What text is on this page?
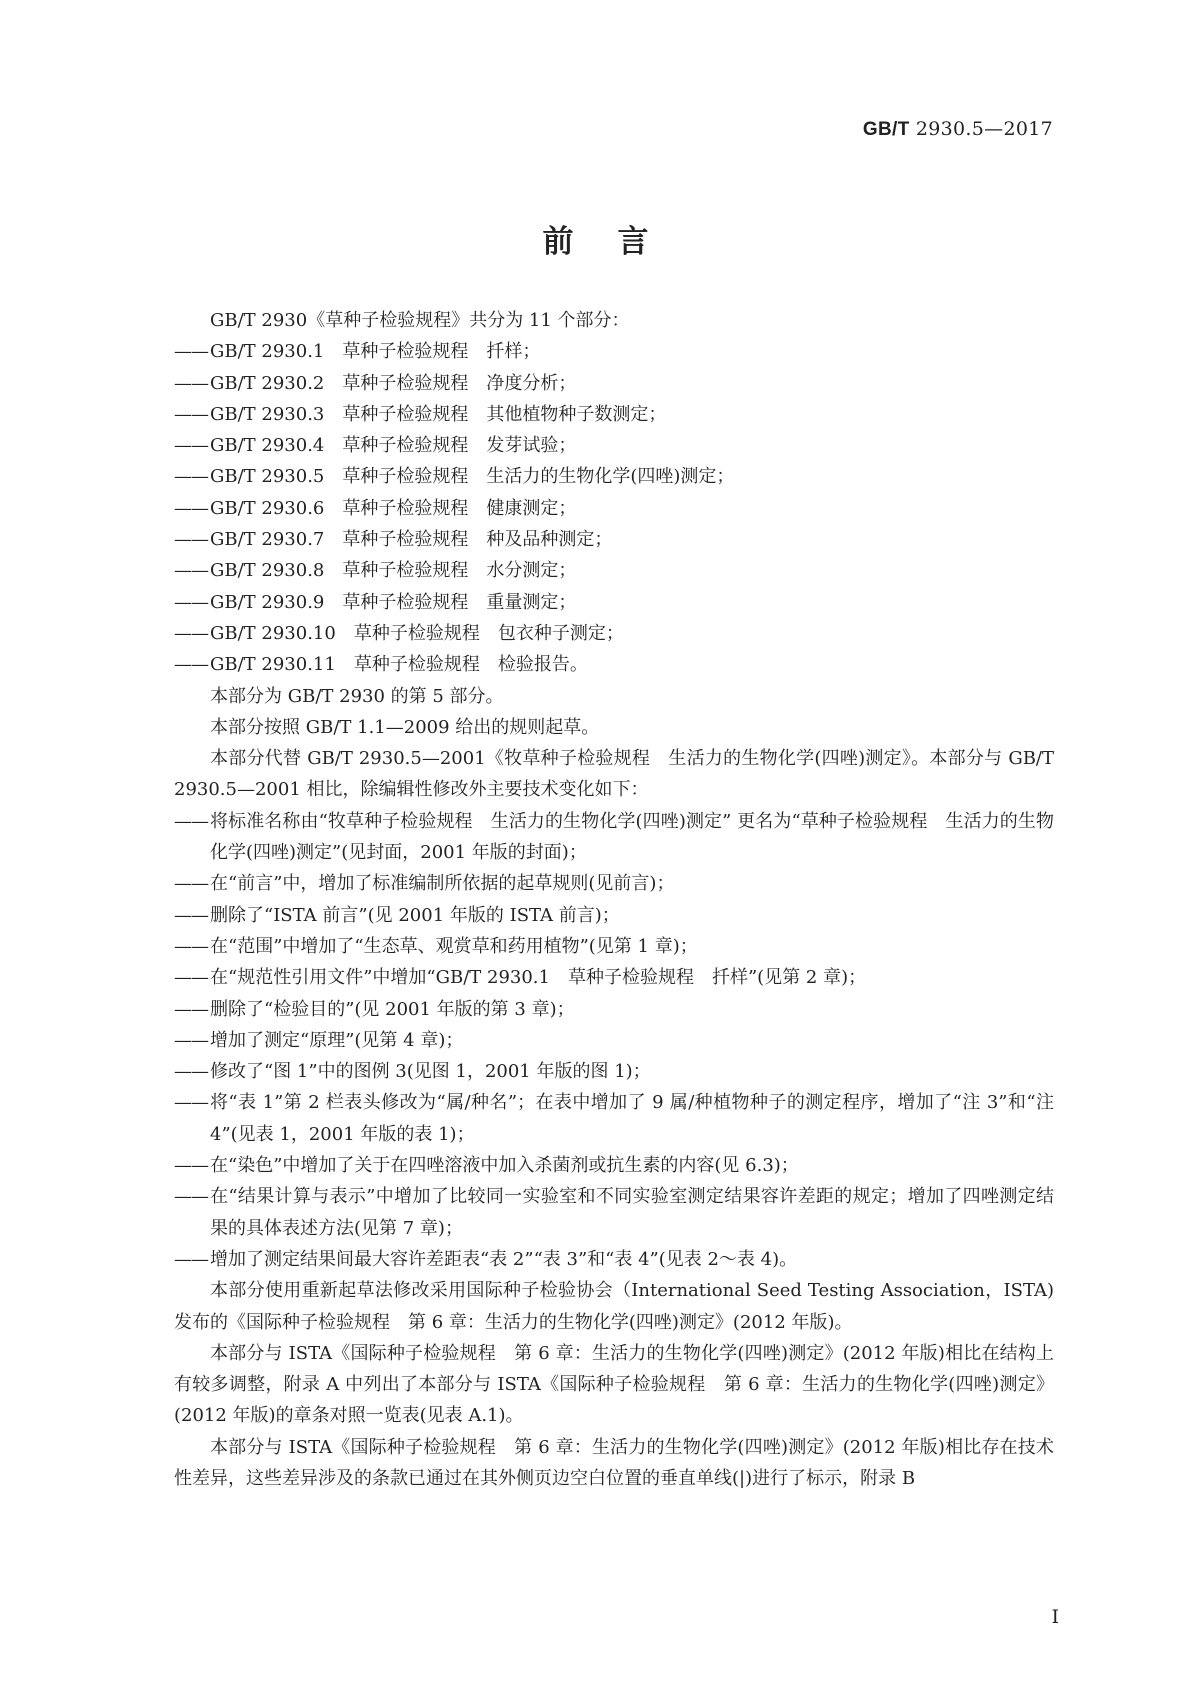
GB/T 2930.5—2017
前言
GB/T 2930《草种子检验规程》共分为 11 个部分：
—— GB/T 2930.1　草种子检验规程　扦样；
—— GB/T 2930.2　草种子检验规程　净度分析；
—— GB/T 2930.3　草种子检验规程　其他植物种子数测定；
—— GB/T 2930.4　草种子检验规程　发芽试验；
—— GB/T 2930.5　草种子检验规程　生活力的生物化学(四唑)测定；
—— GB/T 2930.6　草种子检验规程　健康测定；
—— GB/T 2930.7　草种子检验规程　种及品种测定；
—— GB/T 2930.8　草种子检验规程　水分测定；
—— GB/T 2930.9　草种子检验规程　重量测定；
—— GB/T 2930.10　草种子检验规程　包衣种子测定；
—— GB/T 2930.11　草种子检验规程　检验报告。
本部分为 GB/T 2930 的第 5 部分。
本部分按照 GB/T 1.1—2009 给出的规则起草。
本部分代替 GB/T 2930.5—2001《牧草种子检验规程　生活力的生物化学(四唑)测定》。本部分与 GB/T 2930.5—2001 相比，除编辑性修改外主要技术变化如下：
—— 将标准名称由“牧草种子检验规程　生活力的生物化学(四唑)测定” 更名为“草种子检验规程　生活力的生物化学(四唑)测定”(见封面，2001 年版的封面)；
—— 在“前言”中，增加了标准编制所依据的起草规则(见前言)；
—— 删除了“ISTA 前言”(见 2001 年版的 ISTA 前言)；
—— 在“范围”中增加了“生态草、观赏草和药用植物”(见第 1 章)；
—— 在“规范性引用文件”中增加“GB/T 2930.1　草种子检验规程　扦样”(见第 2 章)；
—— 删除了“检验目的”(见 2001 年版的第 3 章)；
—— 增加了测定“原理”(见第 4 章)；
—— 修改了“图 1”中的图例 3(见图 1，2001 年版的图 1)；
—— 将“表 1”第 2 栏表头修改为“属/种名”；在表中增加了 9 属/种植物种子的测定程序，增加了“注 3”和“注 4”(见表 1，2001 年版的表 1)；
—— 在“染色”中增加了关于在四唑溶液中加入杀菌剂或抗生素的内容(见 6.3)；
—— 在“结果计算与表示”中增加了比较同一实验室和不同实验室测定结果容许差距的规定；增加了四唑测定结果的具体表述方法(见第 7 章)；
—— 增加了测定结果间最大容许差距表“表 2”“表 3”和“表 4”(见表 2～表 4)。
本部分使用重新起草法修改采用国际种子检验协会（International Seed Testing Association，ISTA)发布的《国际种子检验规程　第 6 章：生活力的生物化学(四唑)测定》(2012 年版)。
本部分与 ISTA《国际种子检验规程　第 6 章：生活力的生物化学(四唑)测定》(2012 年版)相比在结构上有较多调整，附录 A 中列出了本部分与 ISTA《国际种子检验规程　第 6 章：生活力的生物化学(四唑)测定》(2012 年版)的章条对照一览表(见表 A.1)。
本部分与 ISTA《国际种子检验规程　第 6 章：生活力的生物化学(四唑)测定》(2012 年版)相比存在技术性差异，这些差异涉及的条款已通过在其外侧页边空白位置的垂直单线(|)进行了标示，附录 B
I
